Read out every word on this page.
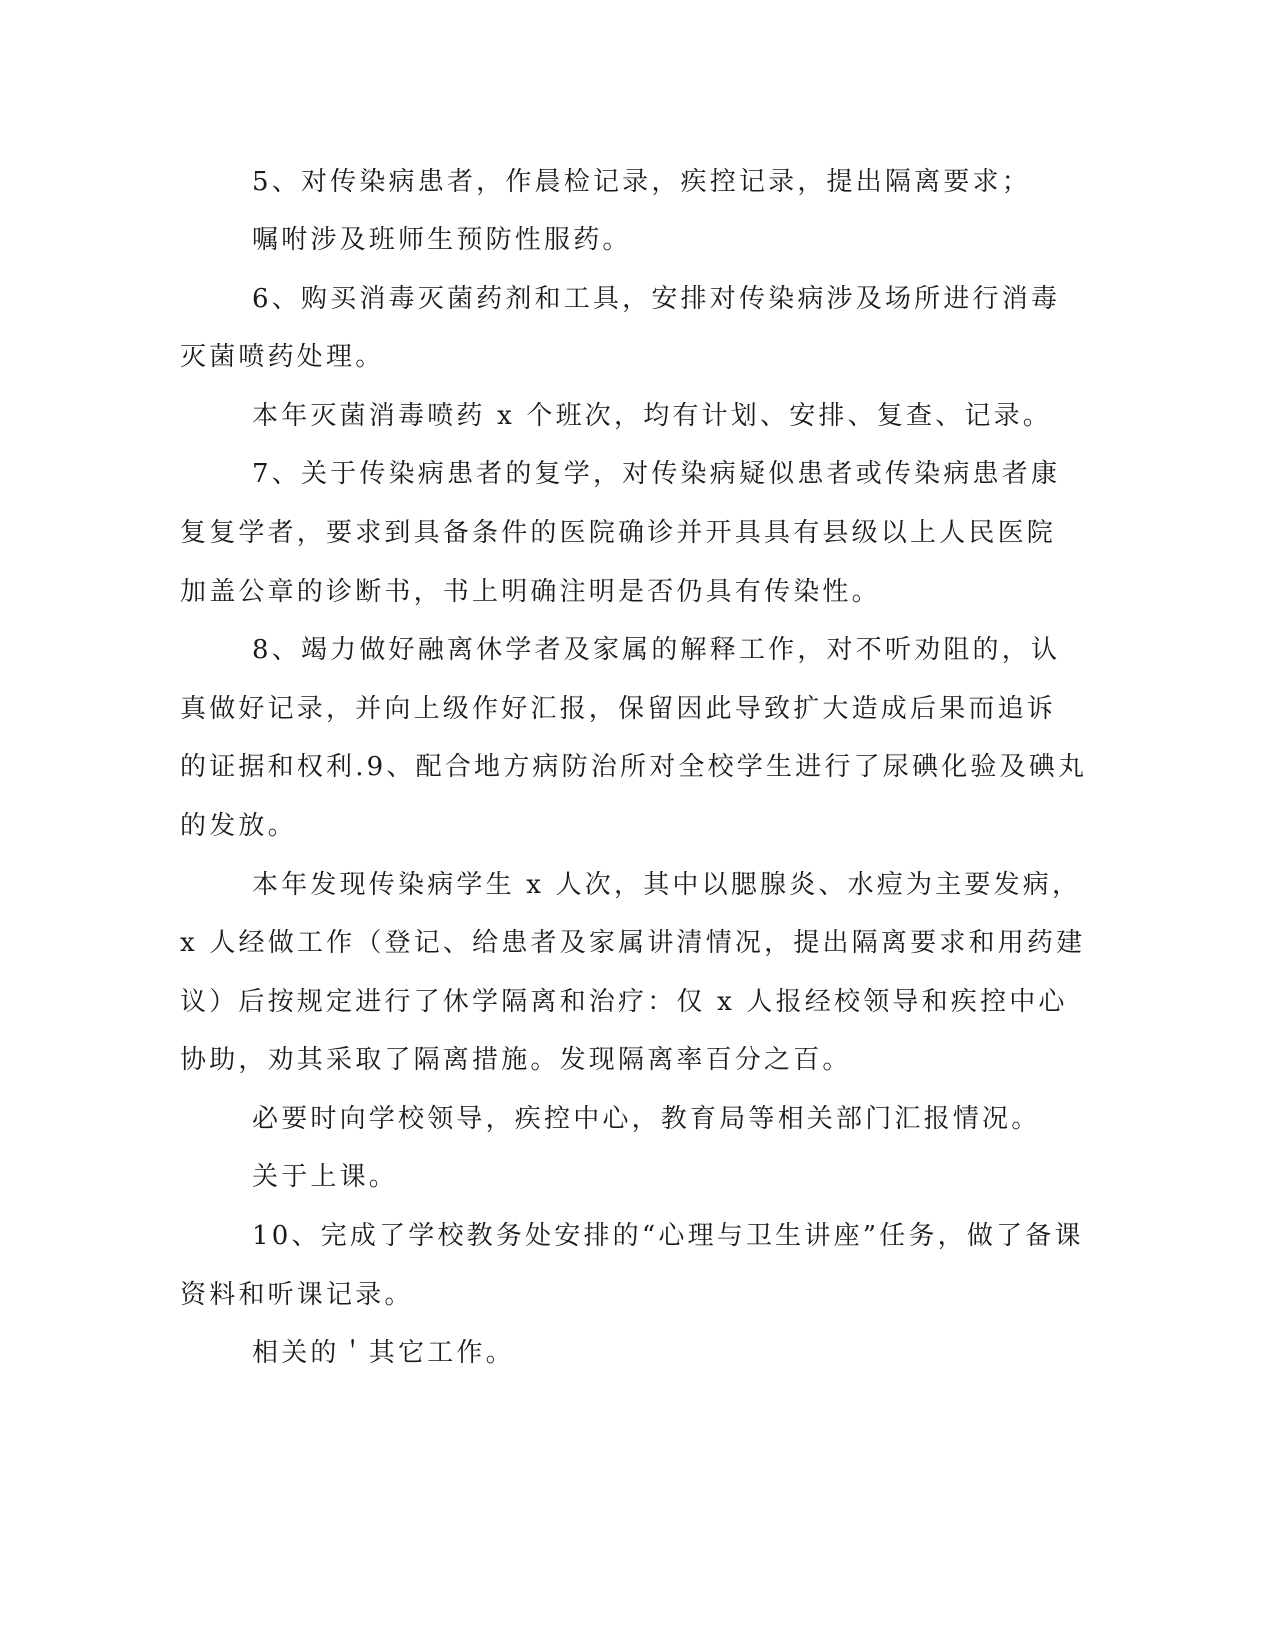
5、对传染病患者，作晨检记录，疾控记录，提出隔离要求；
嘱咐涉及班师生预防性服药。
6、购买消毒灭菌药剂和工具，安排对传染病涉及场所进行消毒
灭菌喷药处理。
本年灭菌消毒喷药 x 个班次，均有计划、安排、复查、记录。
7、关于传染病患者的复学，对传染病疑似患者或传染病患者康
复复学者，要求到具备条件的医院确诊并开具具有县级以上人民医院
加盖公章的诊断书，书上明确注明是否仍具有传染性。
8、竭力做好融离休学者及家属的解释工作，对不听劝阻的，认
真做好记录，并向上级作好汇报，保留因此导致扩大造成后果而追诉
的证据和权利.9、配合地方病防治所对全校学生进行了尿碘化验及碘丸
的发放。
本年发现传染病学生 x 人次，其中以腮腺炎、水痘为主要发病，
x 人经做工作（登记、给患者及家属讲清情况，提出隔离要求和用药建
议）后按规定进行了休学隔离和治疗：仅 x 人报经校领导和疾控中心
协助，劝其采取了隔离措施。发现隔离率百分之百。
必要时向学校领导，疾控中心，教育局等相关部门汇报情况。
关于上课。
10、完成了学校教务处安排的“心理与卫生讲座”任务，做了备课
资料和听课记录。
相关的＇其它工作。
